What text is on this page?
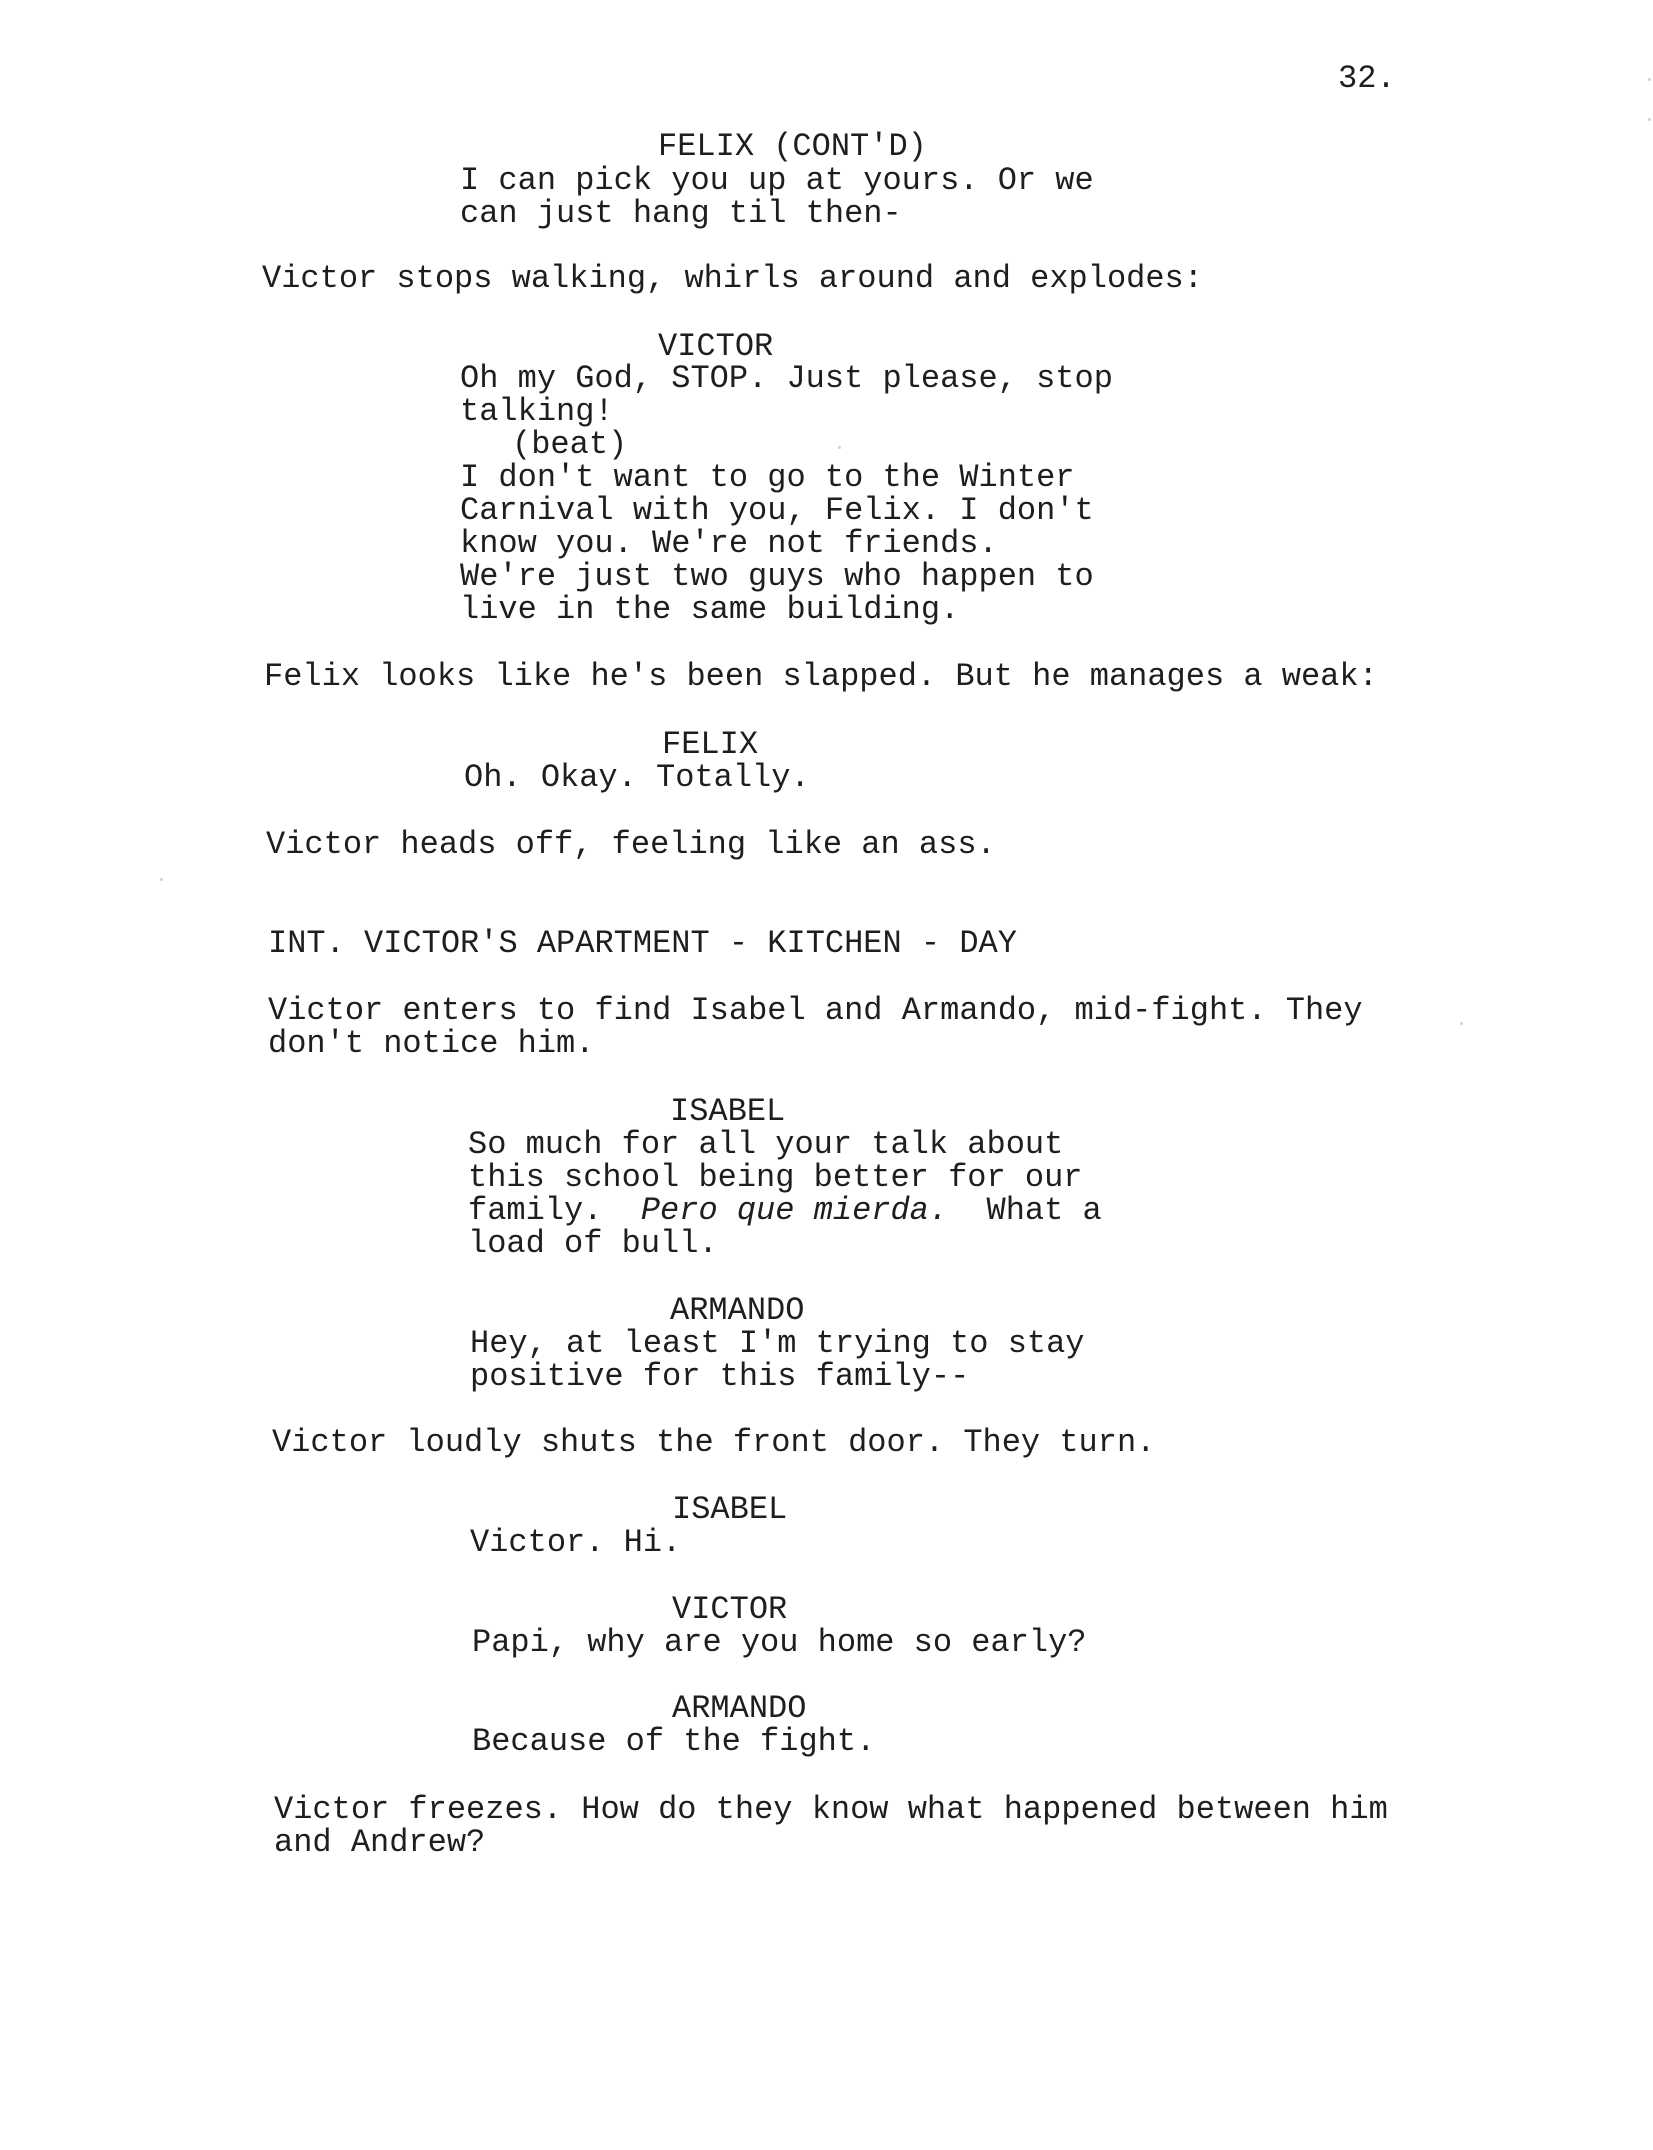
32.
FELIX (CONT'D)
I can pick you up at yours. Or we
can just hang til then-
Victor stops walking, whirls around and explodes:
VICTOR
Oh my God, STOP. Just please, stop
talking!
(beat)
I don't want to go to the Winter
Carnival with you, Felix. I don't
know you. We're not friends.
We're just two guys who happen to
live in the same building.
Felix looks like he's been slapped. But he manages a weak:
FELIX
Oh. Okay. Totally.
Victor heads off, feeling like an ass.
INT. VICTOR'S APARTMENT - KITCHEN - DAY
Victor enters to find Isabel and Armando, mid-fight. They
don't notice him.
ISABEL
So much for all your talk about
this school being better for our
family.  Pero que mierda.  What a
load of bull.
ARMANDO
Hey, at least I'm trying to stay
positive for this family--
Victor loudly shuts the front door. They turn.
ISABEL
Victor. Hi.
VICTOR
Papi, why are you home so early?
ARMANDO
Because of the fight.
Victor freezes. How do they know what happened between him
and Andrew?
